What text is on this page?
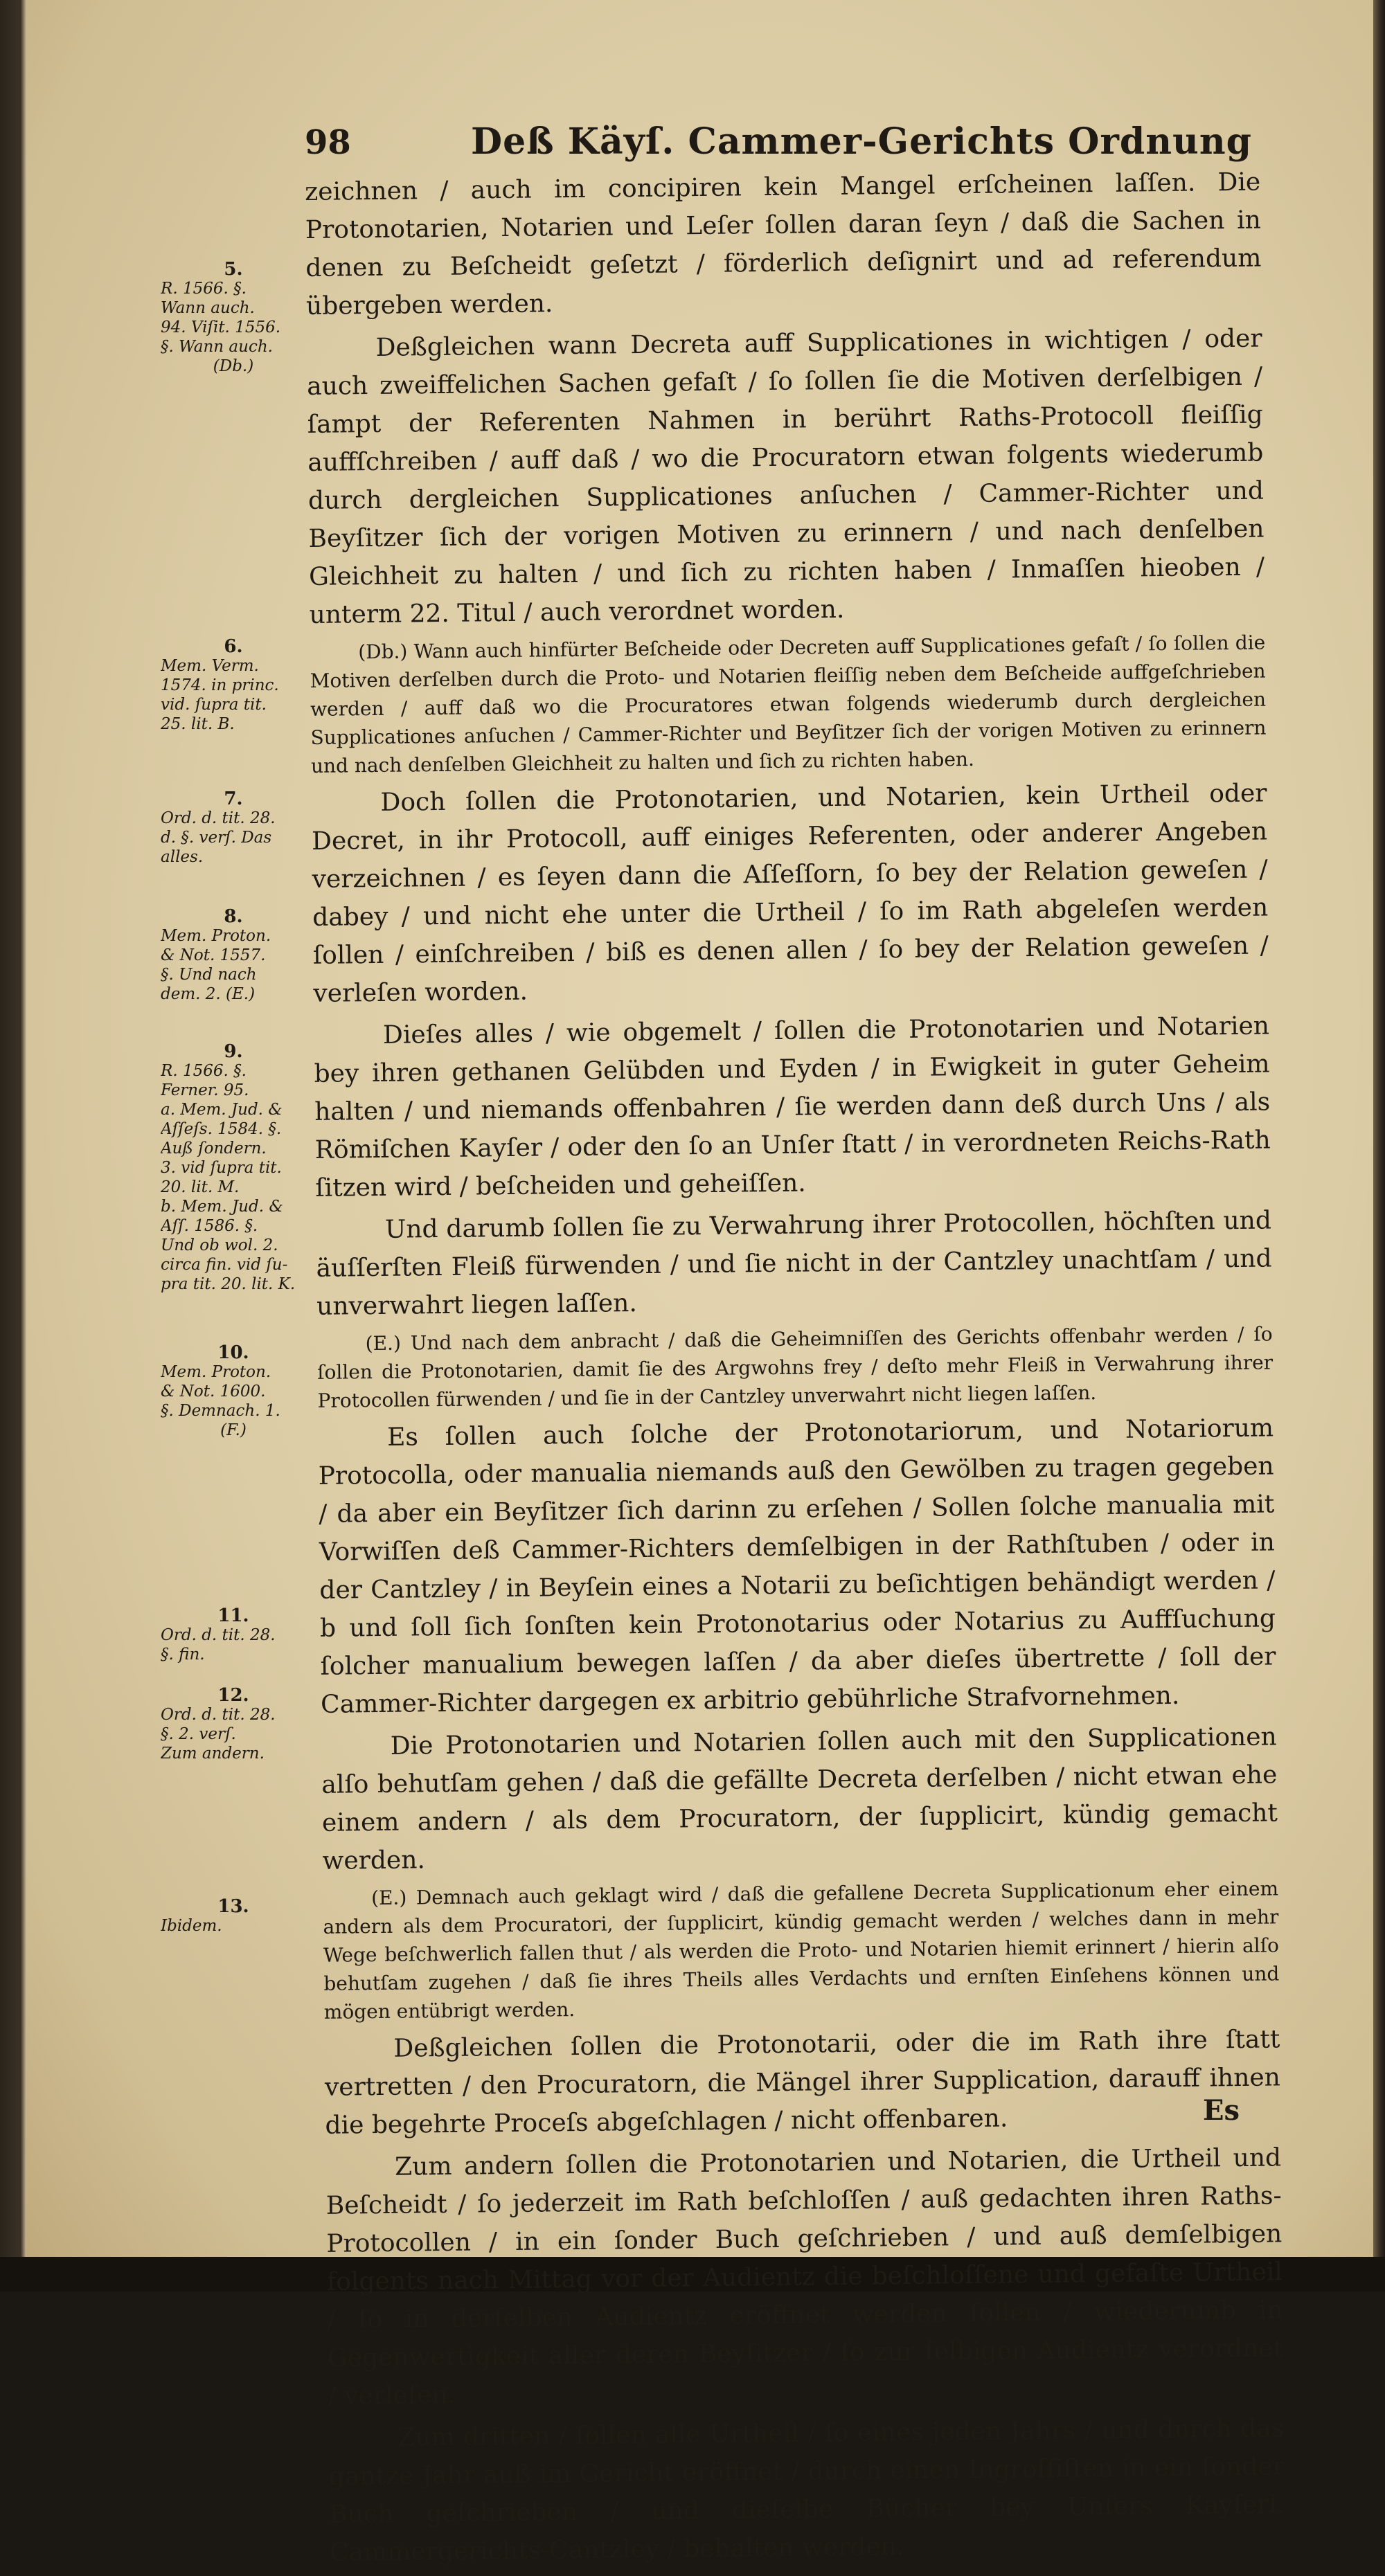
98	Deß Käyſ. Cammer-Gerichts Ordnung
5.
R. 1566. §.
Wann auch.
94. Viſit. 1556.
§. Wann auch.
(Db.)
6.
Mem. Verm.
1574. in princ.
vid. ſupra tit.
25. lit. B.
7.
Ord. d. tit. 28.
d. §. verſ. Das
alles.
8.
Mem. Proton.
& Not. 1557.
§. Und nach
dem. 2. (E.)
9.
R. 1566. §.
Ferner. 95.
a. Mem. Jud. &
Aſſeſs. 1584. §.
Auß ſondern.
3. vid ſupra tit.
20. lit. M.
b. Mem. Jud. &
Aſſ. 1586. §.
Und ob wol. 2.
circa fin. vid ſu-
pra tit. 20. lit. K.
10.
Mem. Proton.
& Not. 1600.
§. Demnach. 1.
(F.)
11.
Ord. d. tit. 28.
§. fin.
12.
Ord. d. tit. 28.
§. 2. verſ.
Zum andern.
13.
Ibidem.

zeichnen / auch im concipiren kein Mangel erſcheinen laſſen. Die Protonotarien, Notarien und Leſer ſollen daran ſeyn / daß die Sachen in denen zu Beſcheidt geſetzt / förderlich deſignirt und ad referendum übergeben werden.

Deßgleichen wann Decreta auff Supplicationes in wichtigen / oder auch zweiffelichen Sachen gefaſt / ſo ſollen ſie die Motiven derſelbigen / ſampt der Referenten Nahmen in berührt Raths-Protocoll fleiſſig auffſchreiben / auff daß / wo die Procuratorn etwan folgents wiederumb durch dergleichen Supplicationes anſuchen / Cammer-Richter und Beyſitzer ſich der vorigen Motiven zu erinnern / und nach denſelben Gleichheit zu halten / und ſich zu richten haben / Inmaſſen hieoben / unterm 22. Titul / auch verordnet worden.

(Db.) Wann auch hinfürter Beſcheide oder Decreten auff Supplicationes gefaſt / ſo ſollen die Motiven derſelben durch die Proto- und Notarien fleiſſig neben dem Beſcheide auffgeſchrieben werden / auff daß wo die Procuratores etwan folgends wiederumb durch dergleichen Supplicationes anſuchen / Cammer-Richter und Beyſitzer ſich der vorigen Motiven zu erinnern und nach denſelben Gleichheit zu halten und ſich zu richten haben.

Doch ſollen die Protonotarien, und Notarien, kein Urtheil oder Decret, in ihr Protocoll, auff einiges Referenten, oder anderer Angeben verzeichnen / es ſeyen dann die Aſſeſſorn, ſo bey der Relation geweſen / dabey / und nicht ehe unter die Urtheil / ſo im Rath abgeleſen werden ſollen / einſchreiben / biß es denen allen / ſo bey der Relation geweſen / verleſen worden.

Dieſes alles / wie obgemelt / ſollen die Protonotarien und Notarien bey ihren gethanen Gelübden und Eyden / in Ewigkeit in guter Geheim halten / und niemands offenbahren / ſie werden dann deß durch Uns / als Römiſchen Kayſer / oder den ſo an Unſer ſtatt / in verordneten Reichs-Rath ſitzen wird / beſcheiden und geheiſſen.

Und darumb ſollen ſie zu Verwahrung ihrer Protocollen, höchſten und äuſſerſten Fleiß fürwenden / und ſie nicht in der Cantzley unachtſam / und unverwahrt liegen laſſen.

(E.) Und nach dem anbracht / daß die Geheimniſſen des Gerichts offenbahr werden / ſo ſollen die Protonotarien, damit ſie des Argwohns frey / deſto mehr Fleiß in Verwahrung ihrer Protocollen fürwenden / und ſie in der Cantzley unverwahrt nicht liegen laſſen.

Es ſollen auch ſolche der Protonotariorum, und Notariorum Protocolla, oder manualia niemands auß den Gewölben zu tragen gegeben / da aber ein Beyſitzer ſich darinn zu erſehen / Sollen ſolche manualia mit Vorwiſſen deß Cammer-Richters demſelbigen in der Rathſtuben / oder in der Cantzley / in Beyſein eines a Notarii zu beſichtigen behändigt werden / b und ſoll ſich ſonſten kein Protonotarius oder Notarius zu Auffſuchung ſolcher manualium bewegen laſſen / da aber dieſes übertrette / ſoll der Cammer-Richter dargegen ex arbitrio gebührliche Strafvornehmen.

Die Protonotarien und Notarien ſollen auch mit den Supplicationen alſo behutſam gehen / daß die gefällte Decreta derſelben / nicht etwan ehe einem andern / als dem Procuratorn, der ſupplicirt, kündig gemacht werden.

(E.) Demnach auch geklagt wird / daß die gefallene Decreta Supplicationum eher einem andern als dem Procuratori, der ſupplicirt, kündig gemacht werden / welches dann in mehr Wege beſchwerlich fallen thut / als werden die Proto- und Notarien hiemit erinnert / hierin alſo behutſam zugehen / daß ſie ihres Theils alles Verdachts und ernſten Einſehens können und mögen entübrigt werden.

Deßgleichen ſollen die Protonotarii, oder die im Rath ihre ſtatt vertretten / den Procuratorn, die Mängel ihrer Supplication, darauff ihnen die begehrte Proceſs abgeſchlagen / nicht offenbaren.

Zum andern ſollen die Protonotarien und Notarien, die Urtheil und Beſcheidt / ſo jederzeit im Rath beſchloſſen / auß gedachten ihren Raths-Protocollen / in ein ſonder Buch geſchrieben / und auß demſelbigen folgents nach Mittag vor der Audientz die beſchloſſene und gefaſte Urtheil / ſo in derſelben Audientz eröffnet werden ſollen / wiederumb in Gegenwertigkeit aller deren Beyſitzer / ſo zur ſelbigen Audientz verordnet / verleſen.

Zum dritten / ſollen alle Urtheil / ſo eines jeden Jahrs / und durch das gantze Jahr auß im Gericht eröffnet / durch einen Ingroſſiſten in ein ſonder Buch geſchrieben / und dieſelbe Bücher bey Unſers Kayſerl. Cammergerichts-Cantzley / behalten werden.

Es
